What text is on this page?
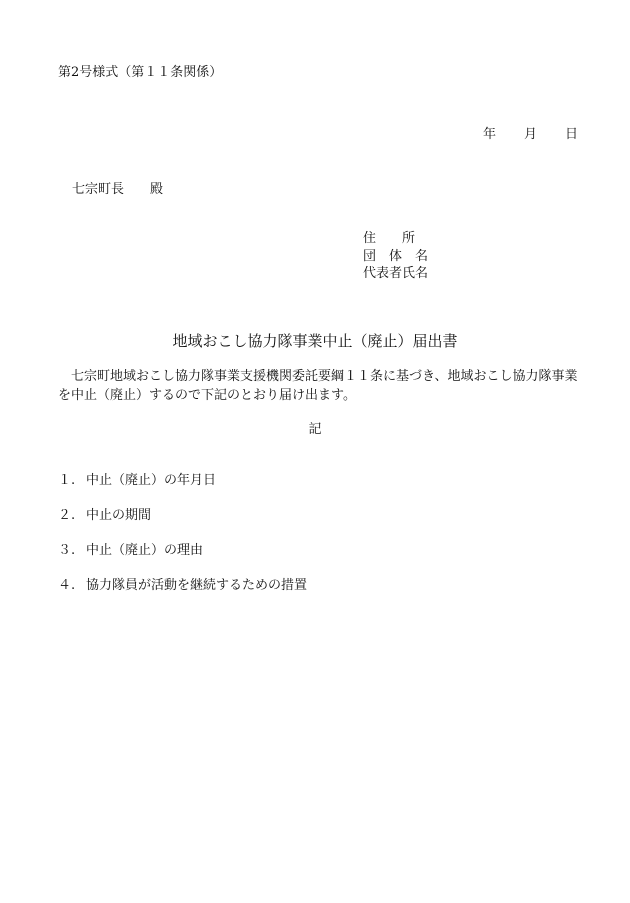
第2号様式（第１１条関係）
年 月 日
七宗町長 殿
住　　所
団　体　名
代表者氏名
地域おこし協力隊事業中止（廃止）届出書
七宗町地域おこし協力隊事業支援機関委託要綱１１条に基づき、地域おこし協力隊事業を中止（廃止）するので下記のとおり届け出ます。
記
１. 中止（廃止）の年月日
２. 中止の期間
３. 中止（廃止）の理由
４. 協力隊員が活動を継続するための措置
